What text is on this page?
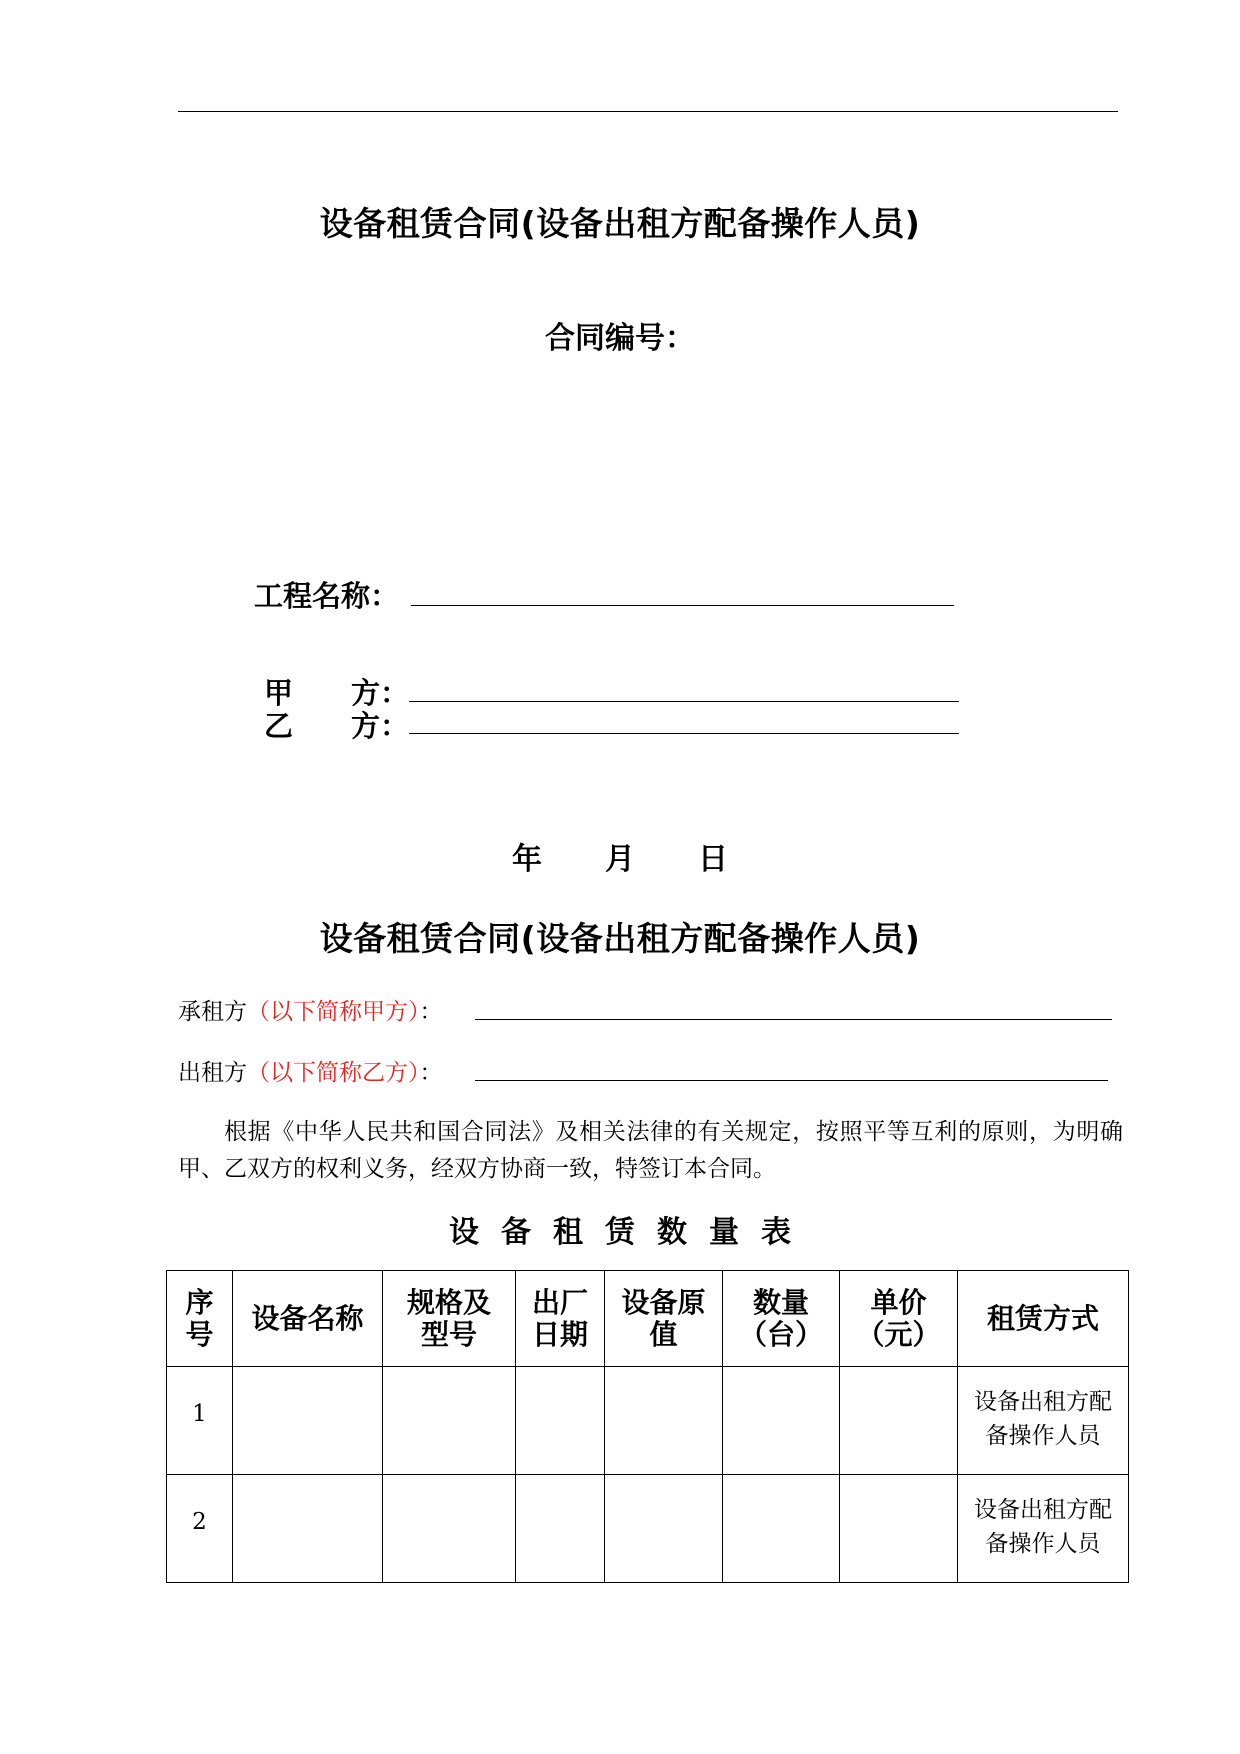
设备租赁合同(设备出租方配备操作人员)
合同编号：
工程名称：
甲　　方：
乙　　方：
年 月 日
设备租赁合同(设备出租方配备操作人员)
承租方（以下简称甲方）：
出租方（以下简称乙方）：
根据《中华人民共和国合同法》及相关法律的有关规定，按照平等互利的原则，为明确甲、乙双方的权利义务，经双方协商一致，特签订本合同。
设 备 租 赁 数 量 表
序号	设备名称	规格及型号	出厂日期	设备原值	数量（台）	单价（元）	租赁方式
1							设备出租方配备操作人员
2							设备出租方配备操作人员
